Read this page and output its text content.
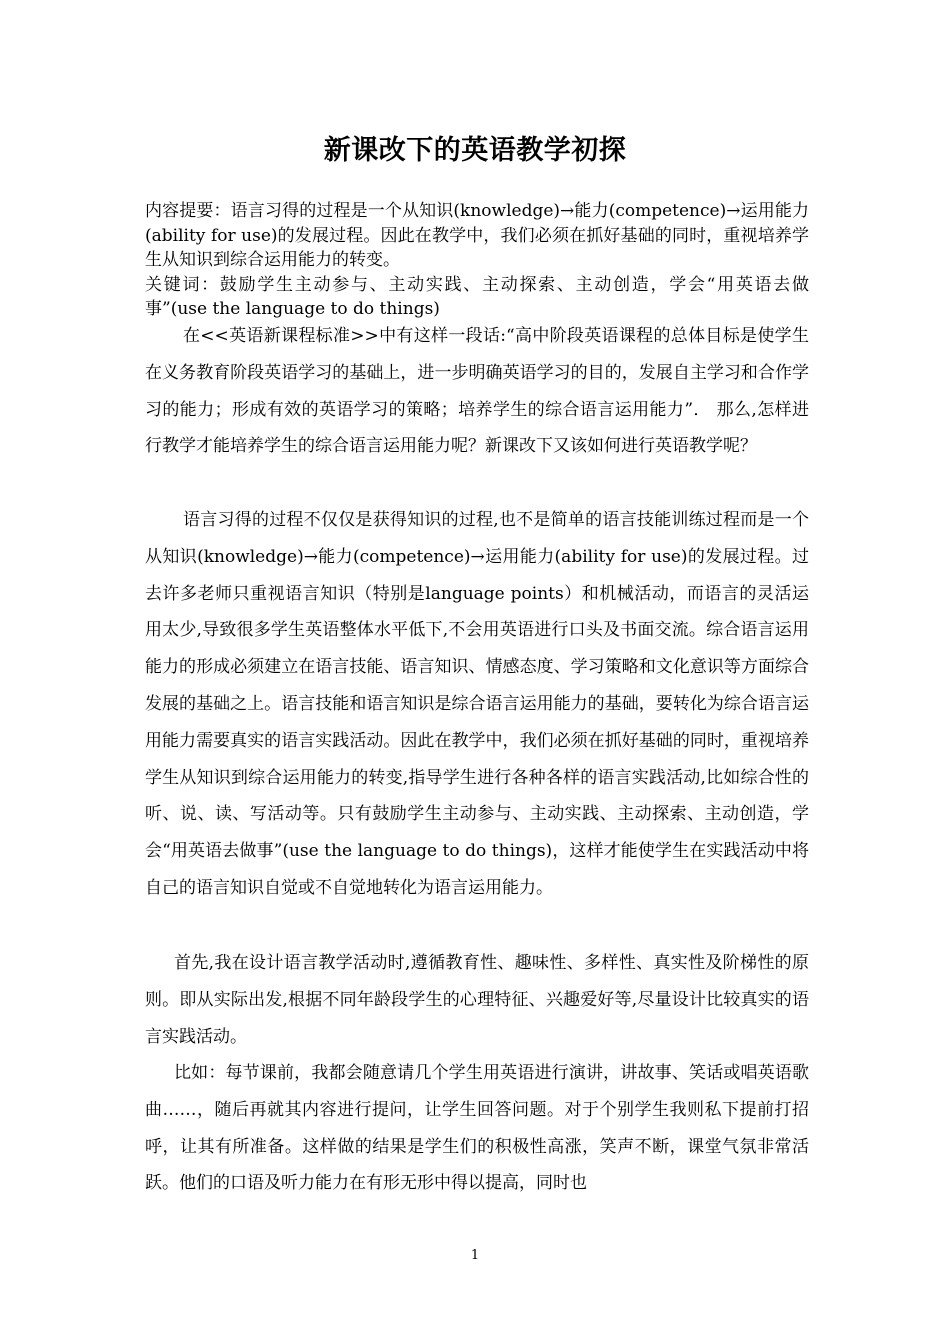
新课改下的英语教学初探
内容提要：语言习得的过程是一个从知识(knowledge)→能力(competence)→运用能力(ability for use)的发展过程。因此在教学中，我们必须在抓好基础的同时，重视培养学生从知识到综合运用能力的转变。
关键词：鼓励学生主动参与、主动实践、主动探索、主动创造，学会“用英语去做事”(use the language to do things)

在<<英语新课程标准>>中有这样一段话:“高中阶段英语课程的总体目标是使学生在义务教育阶段英语学习的基础上，进一步明确英语学习的目的，发展自主学习和合作学习的能力；形成有效的英语学习的策略；培养学生的综合语言运用能力”． 那么,怎样进行教学才能培养学生的综合语言运用能力呢？新课改下又该如何进行英语教学呢？

语言习得的过程不仅仅是获得知识的过程,也不是简单的语言技能训练过程而是一个从知识(knowledge)→能力(competence)→运用能力(ability for use)的发展过程。过去许多老师只重视语言知识（特别是language points）和机械活动，而语言的灵活运用太少,导致很多学生英语整体水平低下,不会用英语进行口头及书面交流。综合语言运用能力的形成必须建立在语言技能、语言知识、情感态度、学习策略和文化意识等方面综合发展的基础之上。语言技能和语言知识是综合语言运用能力的基础，要转化为综合语言运用能力需要真实的语言实践活动。因此在教学中，我们必须在抓好基础的同时，重视培养学生从知识到综合运用能力的转变,指导学生进行各种各样的语言实践活动,比如综合性的听、说、读、写活动等。只有鼓励学生主动参与、主动实践、主动探索、主动创造，学会“用英语去做事”(use the language to do things)，这样才能使学生在实践活动中将自己的语言知识自觉或不自觉地转化为语言运用能力。

首先,我在设计语言教学活动时,遵循教育性、趣味性、多样性、真实性及阶梯性的原则。即从实际出发,根据不同年龄段学生的心理特征、兴趣爱好等,尽量设计比较真实的语言实践活动。

比如：每节课前，我都会随意请几个学生用英语进行演讲，讲故事、笑话或唱英语歌曲……，随后再就其内容进行提问，让学生回答问题。对于个别学生我则私下提前打招呼，让其有所准备。这样做的结果是学生们的积极性高涨，笑声不断，课堂气氛非常活跃。他们的口语及听力能力在有形无形中得以提高，同时也

1
